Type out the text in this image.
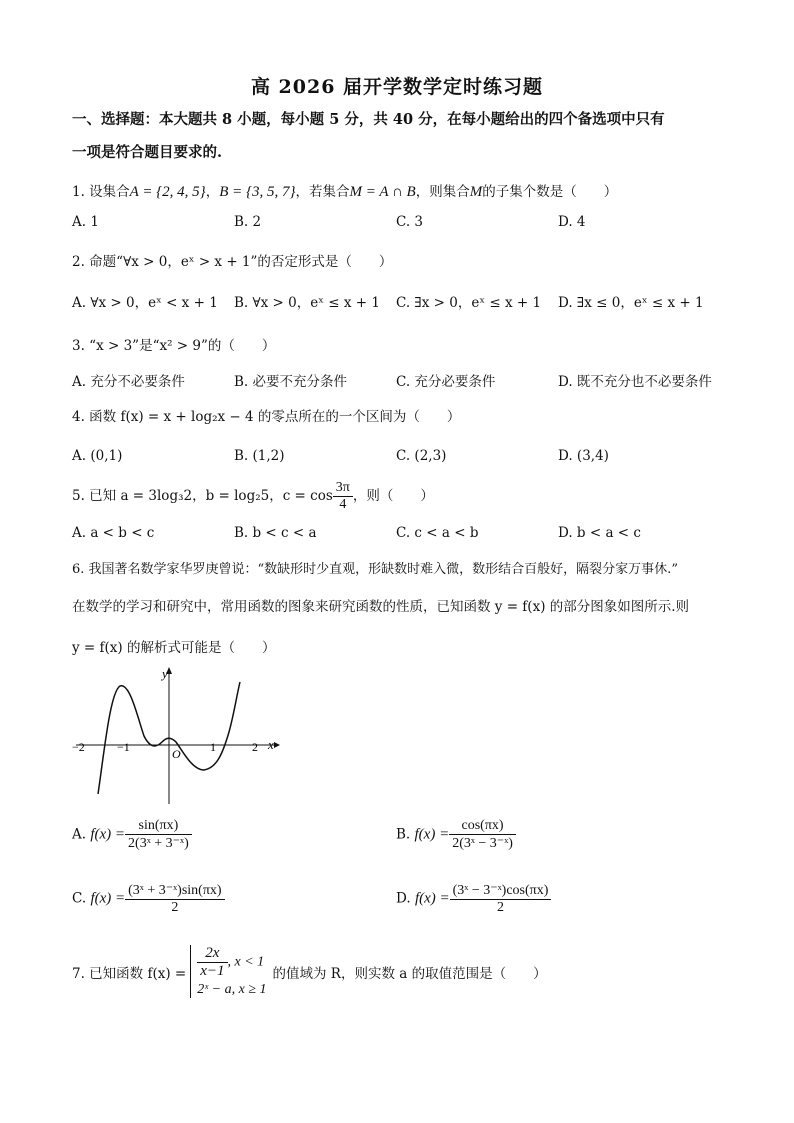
高 2026 届开学数学定时练习题
一、选择题：本大题共 8 小题，每小题 5 分，共 40 分，在每小题给出的四个备选项中只有
一项是符合题目要求的.
1. 设集合A = {2, 4, 5}，B = {3, 5, 7}，若集合M = A ∩ B，则集合M的子集个数是（　　）
A. 1	B. 2	C. 3	D. 4
2. 命题“∀x > 0，eˣ > x + 1”的否定形式是（　　）
A. ∀x > 0，eˣ < x + 1 B. ∀x > 0，eˣ ≤ x + 1 C. ∃x > 0，eˣ ≤ x + 1 D. ∃x ≤ 0，eˣ ≤ x + 1
3. “x > 3”是“x² > 9”的（　　）
A. 充分不必要条件	B. 必要不充分条件	C. 充分必要条件	D. 既不充分也不必要条件
4. 函数 f(x) = x + log₂x − 4 的零点所在的一个区间为（　　）
A. (0,1)	B. (1,2)	C. (2,3)	D. (3,4)
5. 已知 a = 3log₃2，b = log₂5，$c = \cos \frac{3\pi}{4}$ ，则（　　）
A. a < b < c	B. b < c < a	C. c < a < b	D. b < a < c
6. 我国著名数学家华罗庚曾说：“数缺形时少直观，形缺数时难入微，数形结合百般好，隔裂分家万事休.”
在数学的学习和研究中，常用函数的图象来研究函数的性质，已知函数 y = f(x) 的部分图象如图所示.则
y = f(x) 的解析式可能是（　　）
y
x
O
−2	−1	1	2
A. $f(x) = \frac{\sin(\pi x)}{\text{2(3ˣ + 3⁻ˣ)}}$	B. $f(x) = \frac{\cos(\pi x)}{\text{2(3ˣ − 3⁻ˣ)}}$
C. $f(x) = \frac{\text{(3ˣ + 3⁻ˣ)sin(πx)}}{2}$	D. $f(x) = \frac{\text{(3ˣ − 3⁻ˣ)cos(πx)}}{2}$
7. 已知函数 $f(x) = \frac{2x}{x-1}$ , x < 1
2ˣ − a, x ≥ 1
的值域为 R，则实数 a 的取值范围是（　　）
